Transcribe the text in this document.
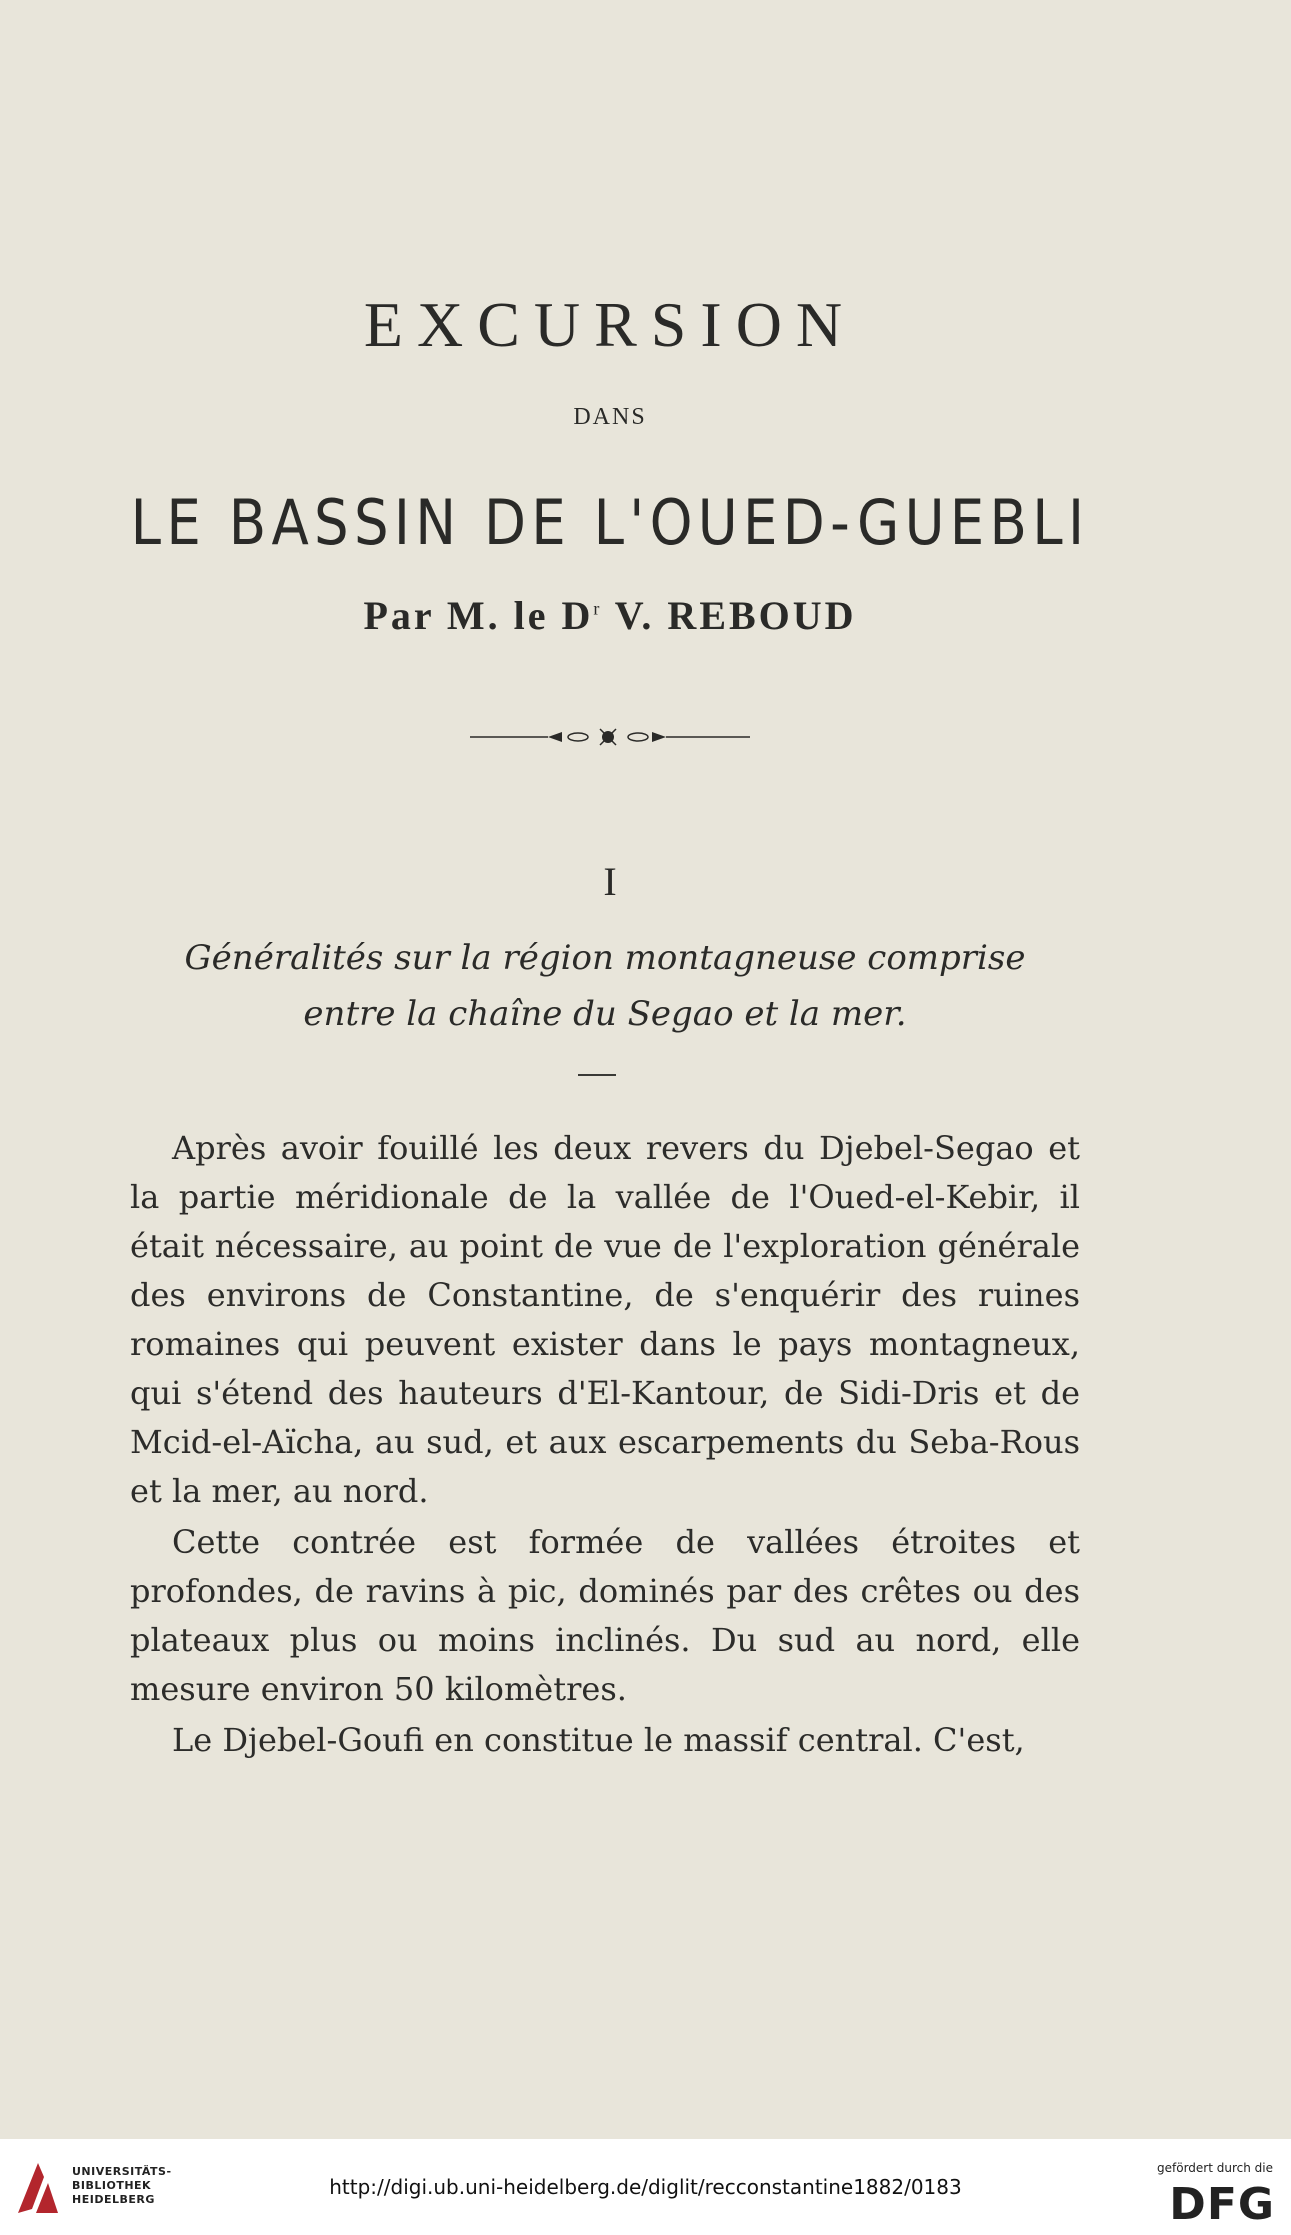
EXCURSION
DANS
LE BASSIN DE L'OUED-GUEBLI
Par M. le $D^r$ V. REBOUD
I
Généralités sur la région montagneuse comprise
entre la chaîne du Segao et la mer.

Après avoir fouillé les deux revers du Djebel-Segao et la partie méridionale de la vallée de l'Oued-el-Kebir, il était nécessaire, au point de vue de l'exploration générale des environs de Constantine, de s'enquérir des ruines romaines qui peuvent exister dans le pays montagneux, qui s'étend des hauteurs d'El-Kantour, de Sidi-Dris et de Mcid-el-Aïcha, au sud, et aux escarpements du Seba-Rous et la mer, au nord.

Cette contrée est formée de vallées étroites et profondes, de ravins à pic, dominés par des crêtes ou des plateaux plus ou moins inclinés. Du sud au nord, elle mesure environ 50 kilomètres.

Le Djebel-Goufi en constitue le massif central. C'est,

UNIVERSITÄTS-
BIBLIOTHEK
HEIDELBERG
http://digi.ub.uni-heidelberg.de/diglit/recconstantine1882/0183
gefördert durch die
DFG
